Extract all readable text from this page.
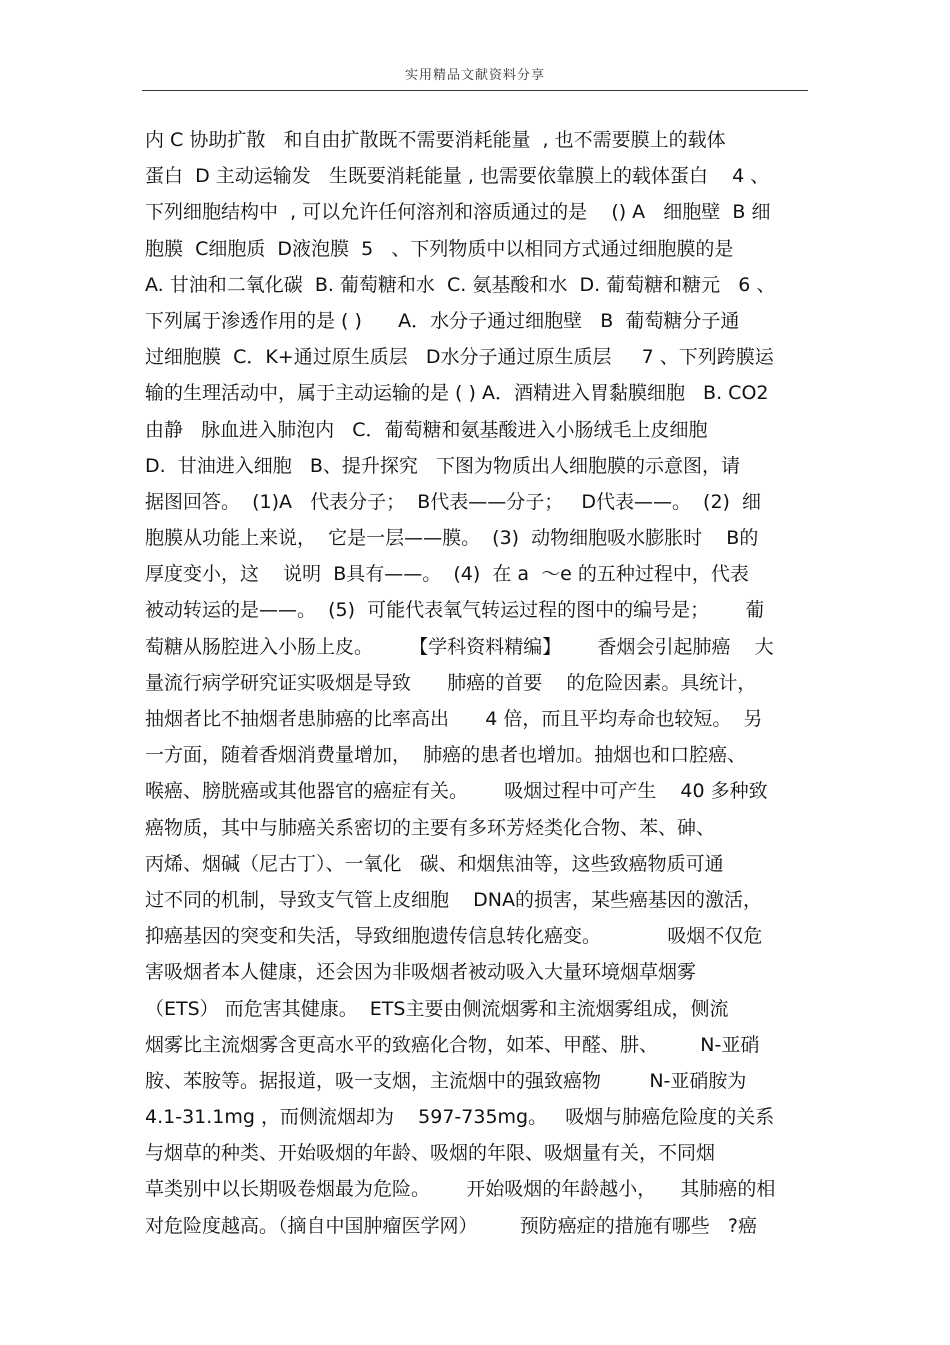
实用精品文献资料分享
内 C 协助扩散   和自由扩散既不需要消耗能量  , 也不需要膜上的载体
蛋白  D 主动运输发   生既要消耗能量 , 也需要依靠膜上的载体蛋白    4 、
下列细胞结构中  , 可以允许任何溶剂和溶质通过的是    () A   细胞壁  B 细
胞膜  C细胞质  D液泡膜  5   、下列物质中以相同方式通过细胞膜的是
A. 甘油和二氧化碳  B. 葡萄糖和水  C. 氨基酸和水  D. 葡萄糖和糖元   6 、
下列属于渗透作用的是 ( )      A．水分子通过细胞壁   B  葡萄糖分子通
过细胞膜  C．K+通过原生质层   D水分子通过原生质层     7 、下列跨膜运
输的生理活动中，属于主动运输的是 ( ) A．酒精进入胃黏膜细胞   B. CO2
由静   脉血进入肺泡内   C．葡萄糖和氨基酸进入小肠绒毛上皮细胞
D.  甘油进入细胞   B、提升探究   下图为物质出人细胞膜的示意图，请
据图回答。  (1)A   代表分子；  B代表——分子；   D代表——。  (2)  细
胞膜从功能上来说，  它是一层——膜。  (3)  动物细胞吸水膨胀时    B的
厚度变小，这    说明  B具有——。  (4)  在 a  ～e 的五种过程中，代表
被动转运的是——。  (5)  可能代表氧气转运过程的图中的编号是；      葡
萄糖从肠腔进入小肠上皮。      【学科资料精编】      香烟会引起肺癌    大
量流行病学研究证实吸烟是导致      肺癌的首要    的危险因素。具统计，
抽烟者比不抽烟者患肺癌的比率高出      4 倍，而且平均寿命也较短。  另
一方面，随着香烟消费量增加，  肺癌的患者也增加。抽烟也和口腔癌、
喉癌、膀胱癌或其他器官的癌症有关。      吸烟过程中可产生    40 多种致
癌物质，其中与肺癌关系密切的主要有多环芳烃类化合物、苯、砷、
丙烯、烟碱（尼古丁）、一氧化   碳、和烟焦油等，这些致癌物质可通
过不同的机制，导致支气管上皮细胞    DNA的损害，某些癌基因的激活，
抑癌基因的突变和失活，导致细胞遗传信息转化癌变。           吸烟不仅危
害吸烟者本人健康，还会因为非吸烟者被动吸入大量环境烟草烟雾
（ETS） 而危害其健康。  ETS主要由侧流烟雾和主流烟雾组成，侧流
烟雾比主流烟雾含更高水平的致癌化合物，如苯、甲醛、肼、       N-亚硝
胺、苯胺等。据报道，吸一支烟，主流烟中的强致癌物        N-亚硝胺为
4.1-31.1mg ，而侧流烟却为    597-735mg。   吸烟与肺癌危险度的关系
与烟草的种类、开始吸烟的年龄、吸烟的年限、吸烟量有关，不同烟
草类别中以长期吸卷烟最为危险。      开始吸烟的年龄越小，    其肺癌的相
对危险度越高。（摘自中国肿瘤医学网）       预防癌症的措施有哪些   ?癌
